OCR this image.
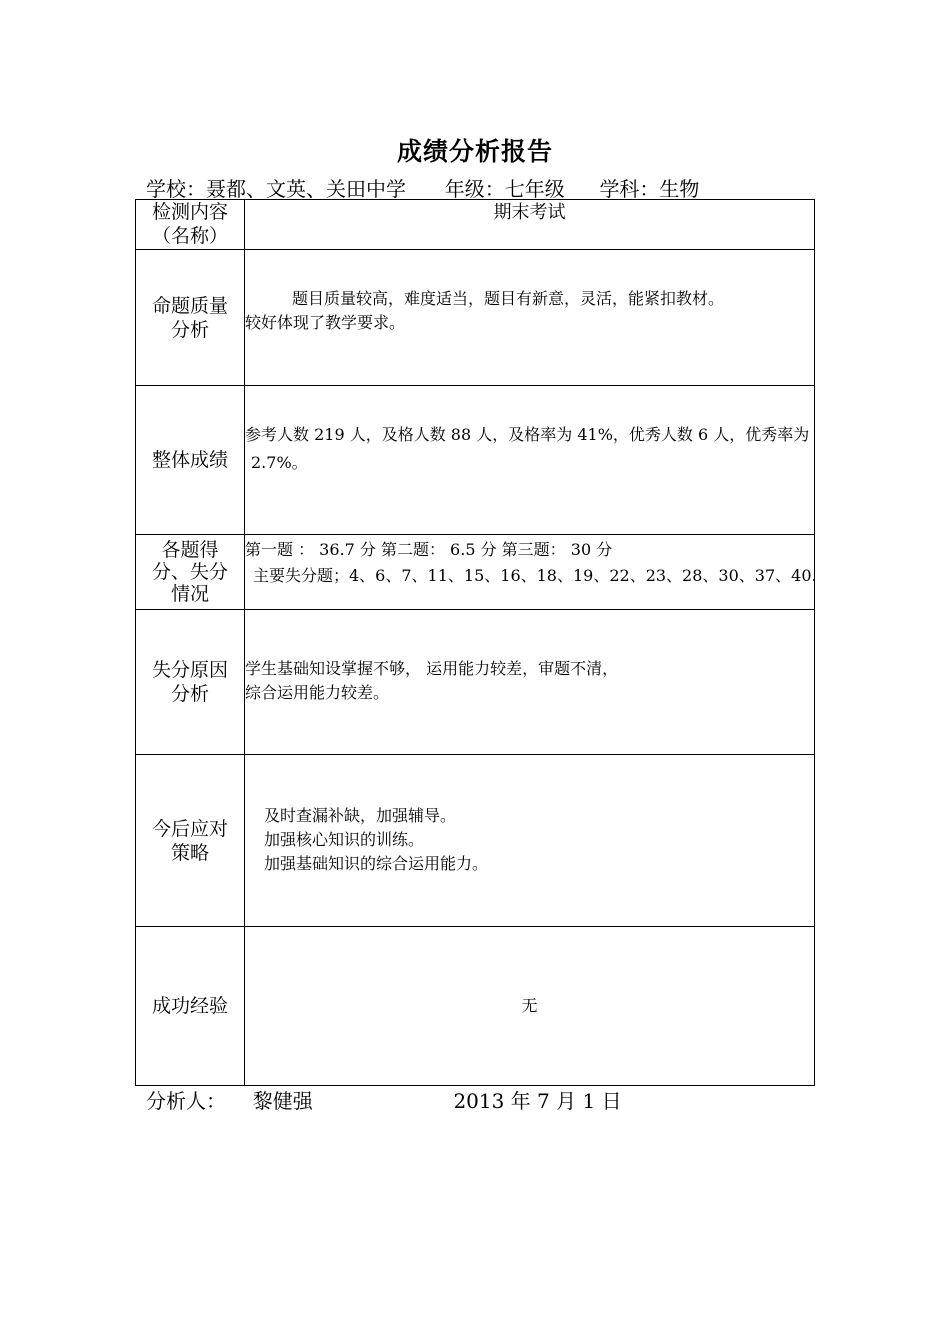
成绩分析报告
学校：聂都、文英、关田中学 年级：七年级 学科：生物
检测内容
（名称）	期末考试

命题质量
分析	题目质量较高，难度适当，题目有新意，灵活，能紧扣教材。
较好体现了教学要求。

整体成绩	参考人数 219 人，及格人数 88 人，及格率为 41%，优秀人数 6 人，优秀率为
2.7%。

各题得
分、失分
情况	第一题 ： 36.7 分 第二题： 6.5 分 第三题： 30 分
主要失分题；4、6、7、11、15、16、18、19、22、23、28、30、37、40.

失分原因
分析	学生基础知设掌握不够， 运用能力较差，审题不清，
综合运用能力较差。

今后应对
策略	及时查漏补缺，加强辅导。
加强核心知识的训练。
加强基础知识的综合运用能力。

成功经验	无
分析人： 黎健强	2013 年 7 月 1 日
